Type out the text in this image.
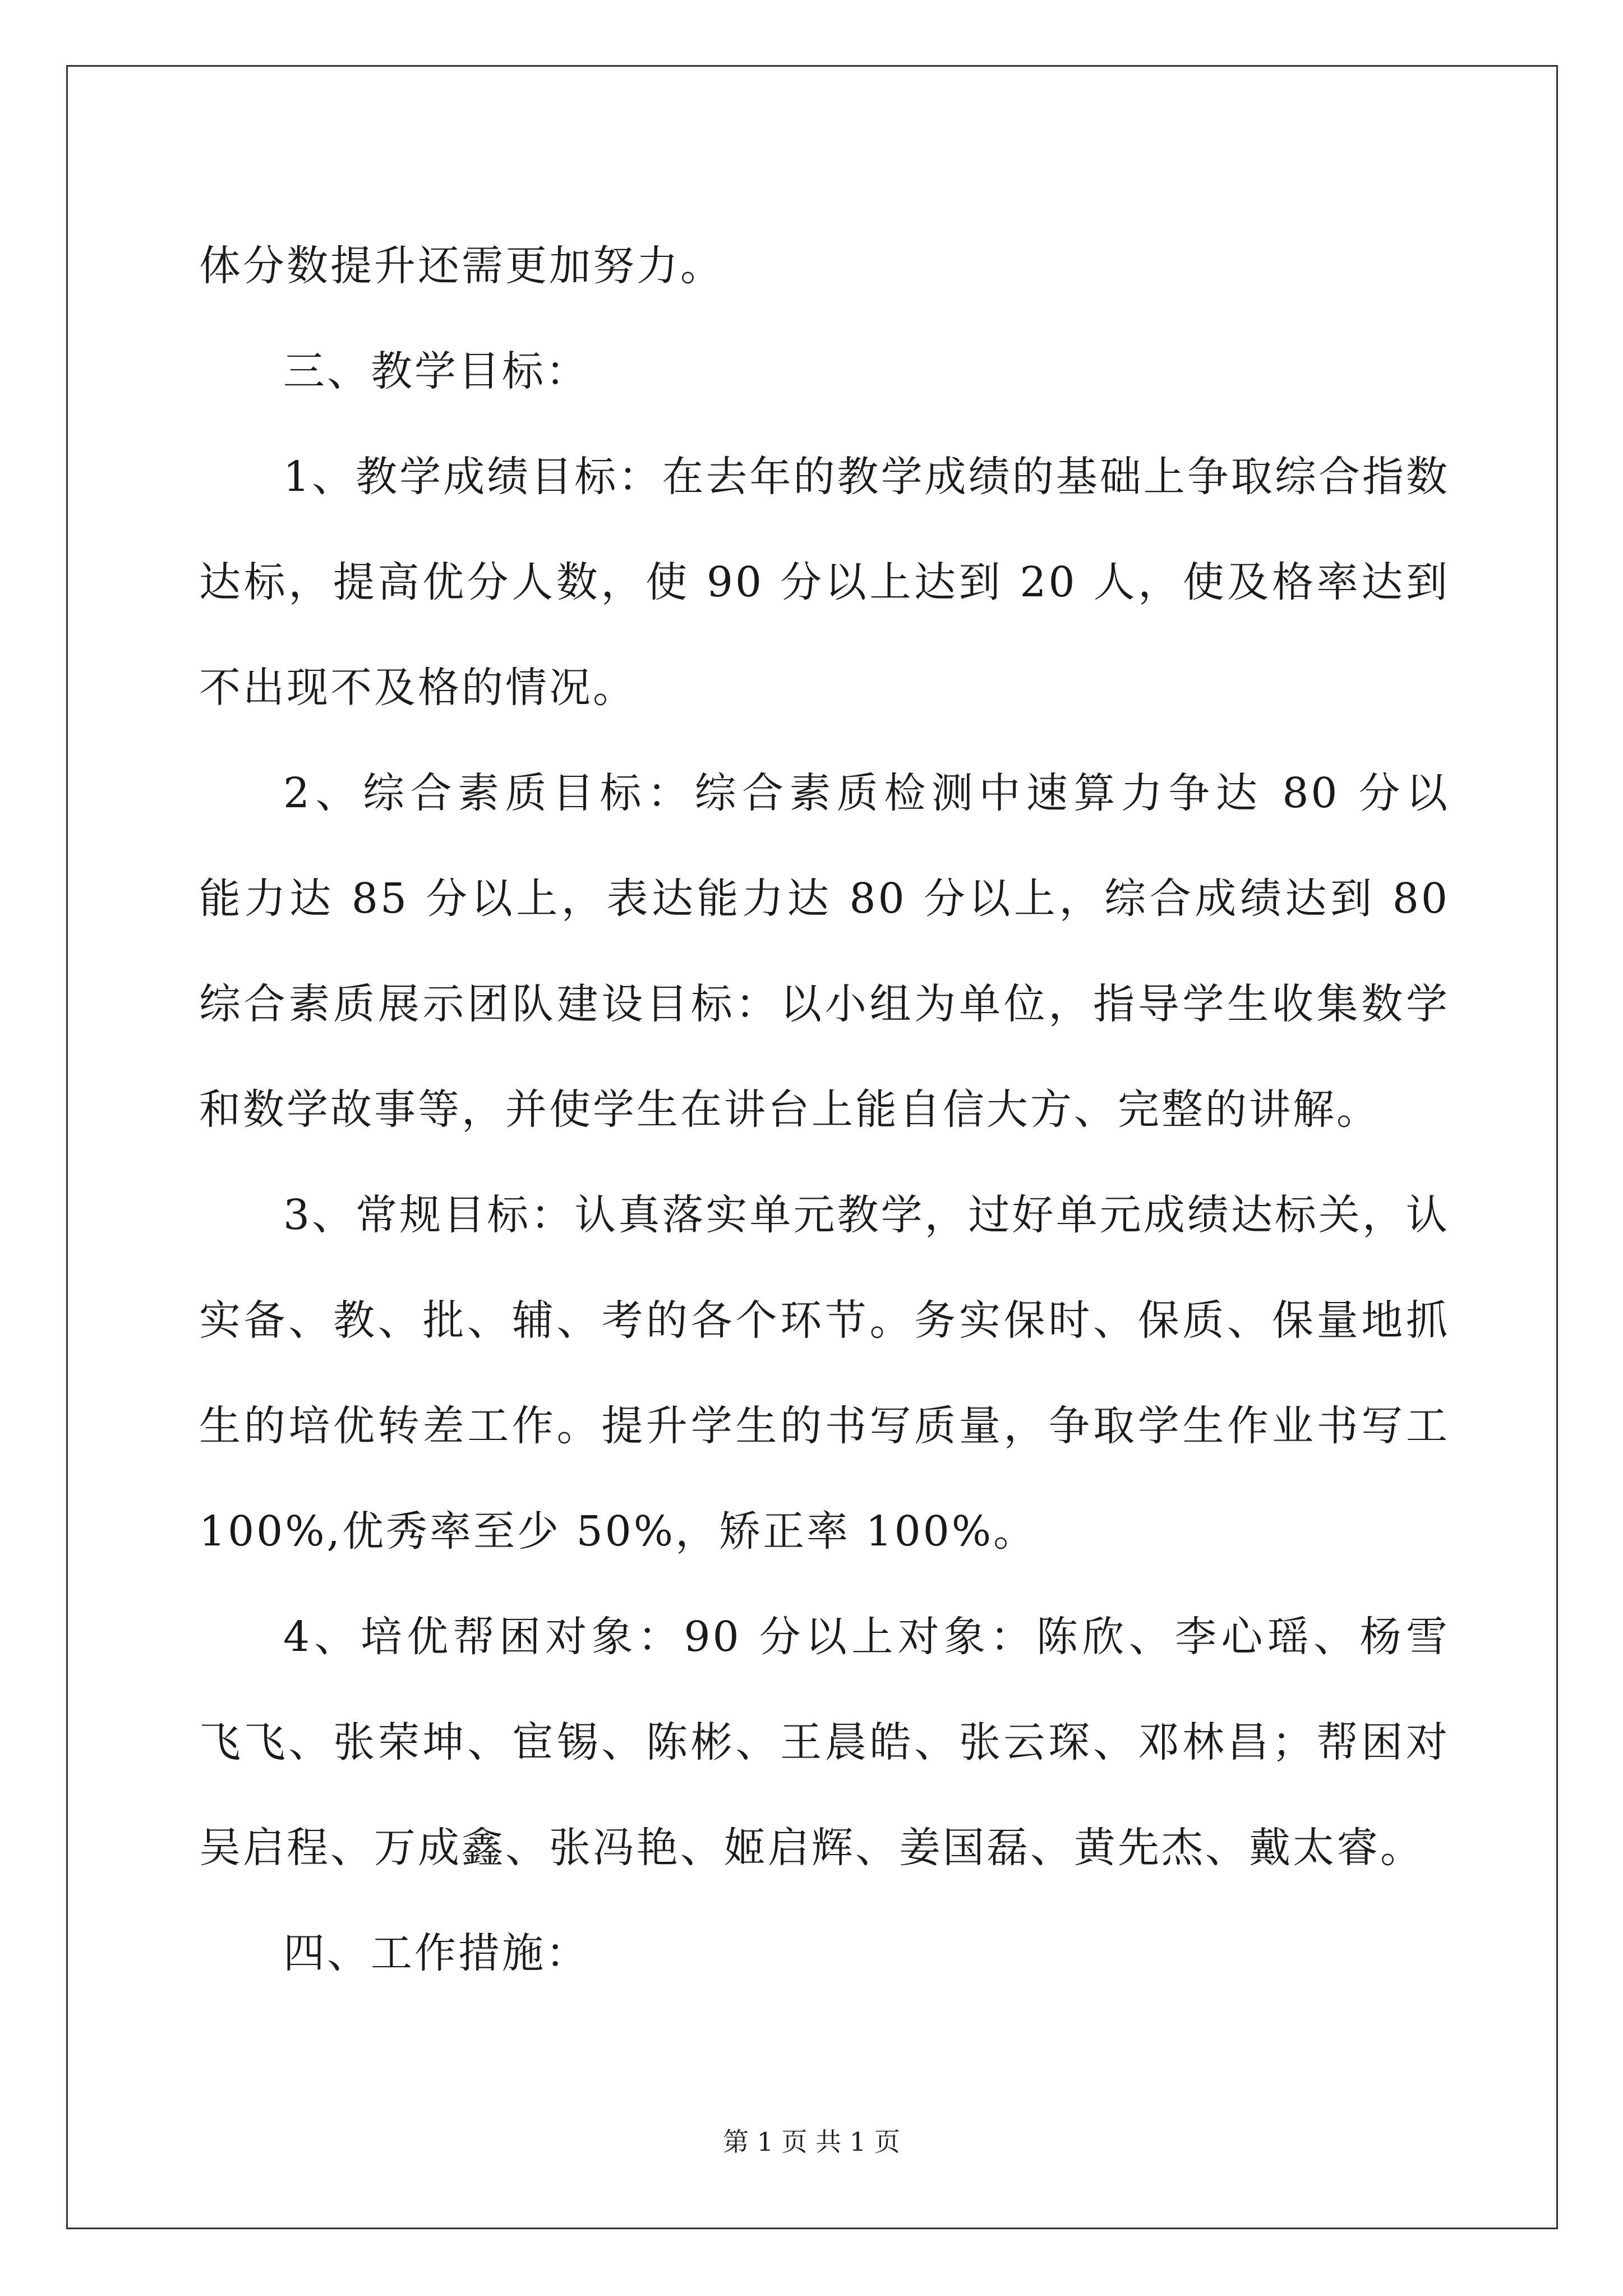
体分数提升还需更加努力。
三、教学目标：
1、教学成绩目标：在去年的教学成绩的基础上争取综合指数
达标，提高优分人数，使 90 分以上达到 20 人，使及格率达到
不出现不及格的情况。
2、综合素质目标：综合素质检测中速算力争达 80 分以
能力达 85 分以上，表达能力达 80 分以上，综合成绩达到 80
综合素质展示团队建设目标：以小组为单位，指导学生收集数学
和数学故事等，并使学生在讲台上能自信大方、完整的讲解。
3、常规目标：认真落实单元教学，过好单元成绩达标关，认
实备、教、批、辅、考的各个环节。务实保时、保质、保量地抓
生的培优转差工作。提升学生的书写质量，争取学生作业书写工
100%,优秀率至少 50%，矫正率 100%。
4、培优帮困对象：90 分以上对象：陈欣、李心瑶、杨雪
飞飞、张荣坤、宦锡、陈彬、王晨皓、张云琛、邓林昌；帮困对
吴启程、万成鑫、张冯艳、姬启辉、姜国磊、黄先杰、戴太睿。
四、工作措施：
第 1 页 共 1 页
